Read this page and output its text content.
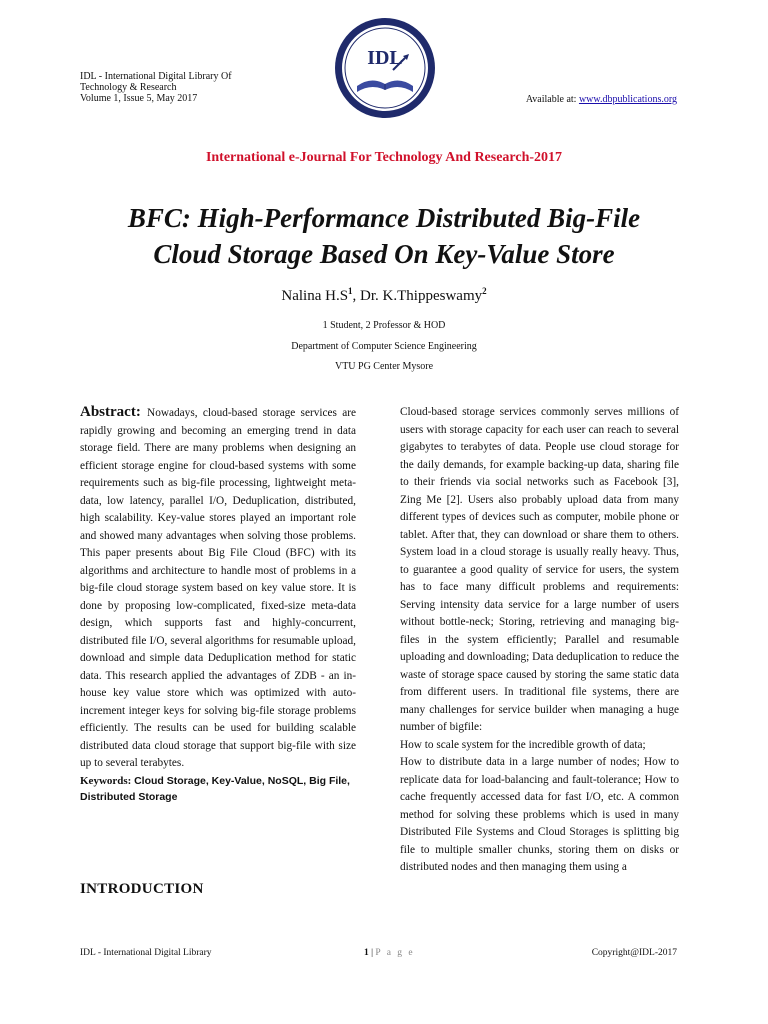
IDL - International Digital Library Of
Technology & Research
Volume 1, Issue 5, May 2017
IDL
Available at: www.dbpublications.org
International e-Journal For Technology And Research-2017
BFC: High-Performance Distributed Big-File
Cloud Storage Based On Key-Value Store
Nalina $H.S^1$, Dr. K.Thippeswamy$^2$
1 Student, 2 Professor & HOD
Department of Computer Science Engineering
VTU PG Center Mysore
Abstract: Nowadays, cloud-based storage services are rapidly growing and becoming an emerging trend in data storage field. There are many problems when designing an efficient storage engine for cloud-based systems with some requirements such as big-file processing, lightweight meta-data, low latency, parallel I/O, Deduplication, distributed, high scalability. Key-value stores played an important role and showed many advantages when solving those problems. This paper presents about Big File Cloud (BFC) with its algorithms and architecture to handle most of problems in a big-file cloud storage system based on key value store. It is done by proposing low-complicated, fixed-size meta-data design, which supports fast and highly-concurrent, distributed file I/O, several algorithms for resumable upload, download and simple data Deduplication method for static data. This research applied the advantages of ZDB - an in-house key value store which was optimized with auto-increment integer keys for solving big-file storage problems efficiently. The results can be used for building scalable distributed data cloud storage that support big-file with size up to several terabytes.
Keywords: Cloud Storage, Key-Value, NoSQL, Big File, Distributed Storage
INTRODUCTION
Cloud-based storage services commonly serves millions of users with storage capacity for each user can reach to several gigabytes to terabytes of data. People use cloud storage for the daily demands, for example backing-up data, sharing file to their friends via social networks such as Facebook [3], Zing Me [2]. Users also probably upload data from many different types of devices such as computer, mobile phone or tablet. After that, they can download or share them to others. System load in a cloud storage is usually really heavy. Thus, to guarantee a good quality of service for users, the system has to face many difficult problems and requirements: Serving intensity data service for a large number of users without bottle-neck; Storing, retrieving and managing big-files in the system efficiently; Parallel and resumable uploading and downloading; Data deduplication to reduce the waste of storage space caused by storing the same static data from different users. In traditional file systems, there are many challenges for service builder when managing a huge number of bigfile:
How to scale system for the incredible growth of data;
How to distribute data in a large number of nodes; How to replicate data for load-balancing and fault-tolerance; How to cache frequently accessed data for fast I/O, etc. A common method for solving these problems which is used in many Distributed File Systems and Cloud Storages is splitting big file to multiple smaller chunks, storing them on disks or distributed nodes and then managing them using a
IDL - International Digital Library	1 | P a g e	Copyright@IDL-2017
